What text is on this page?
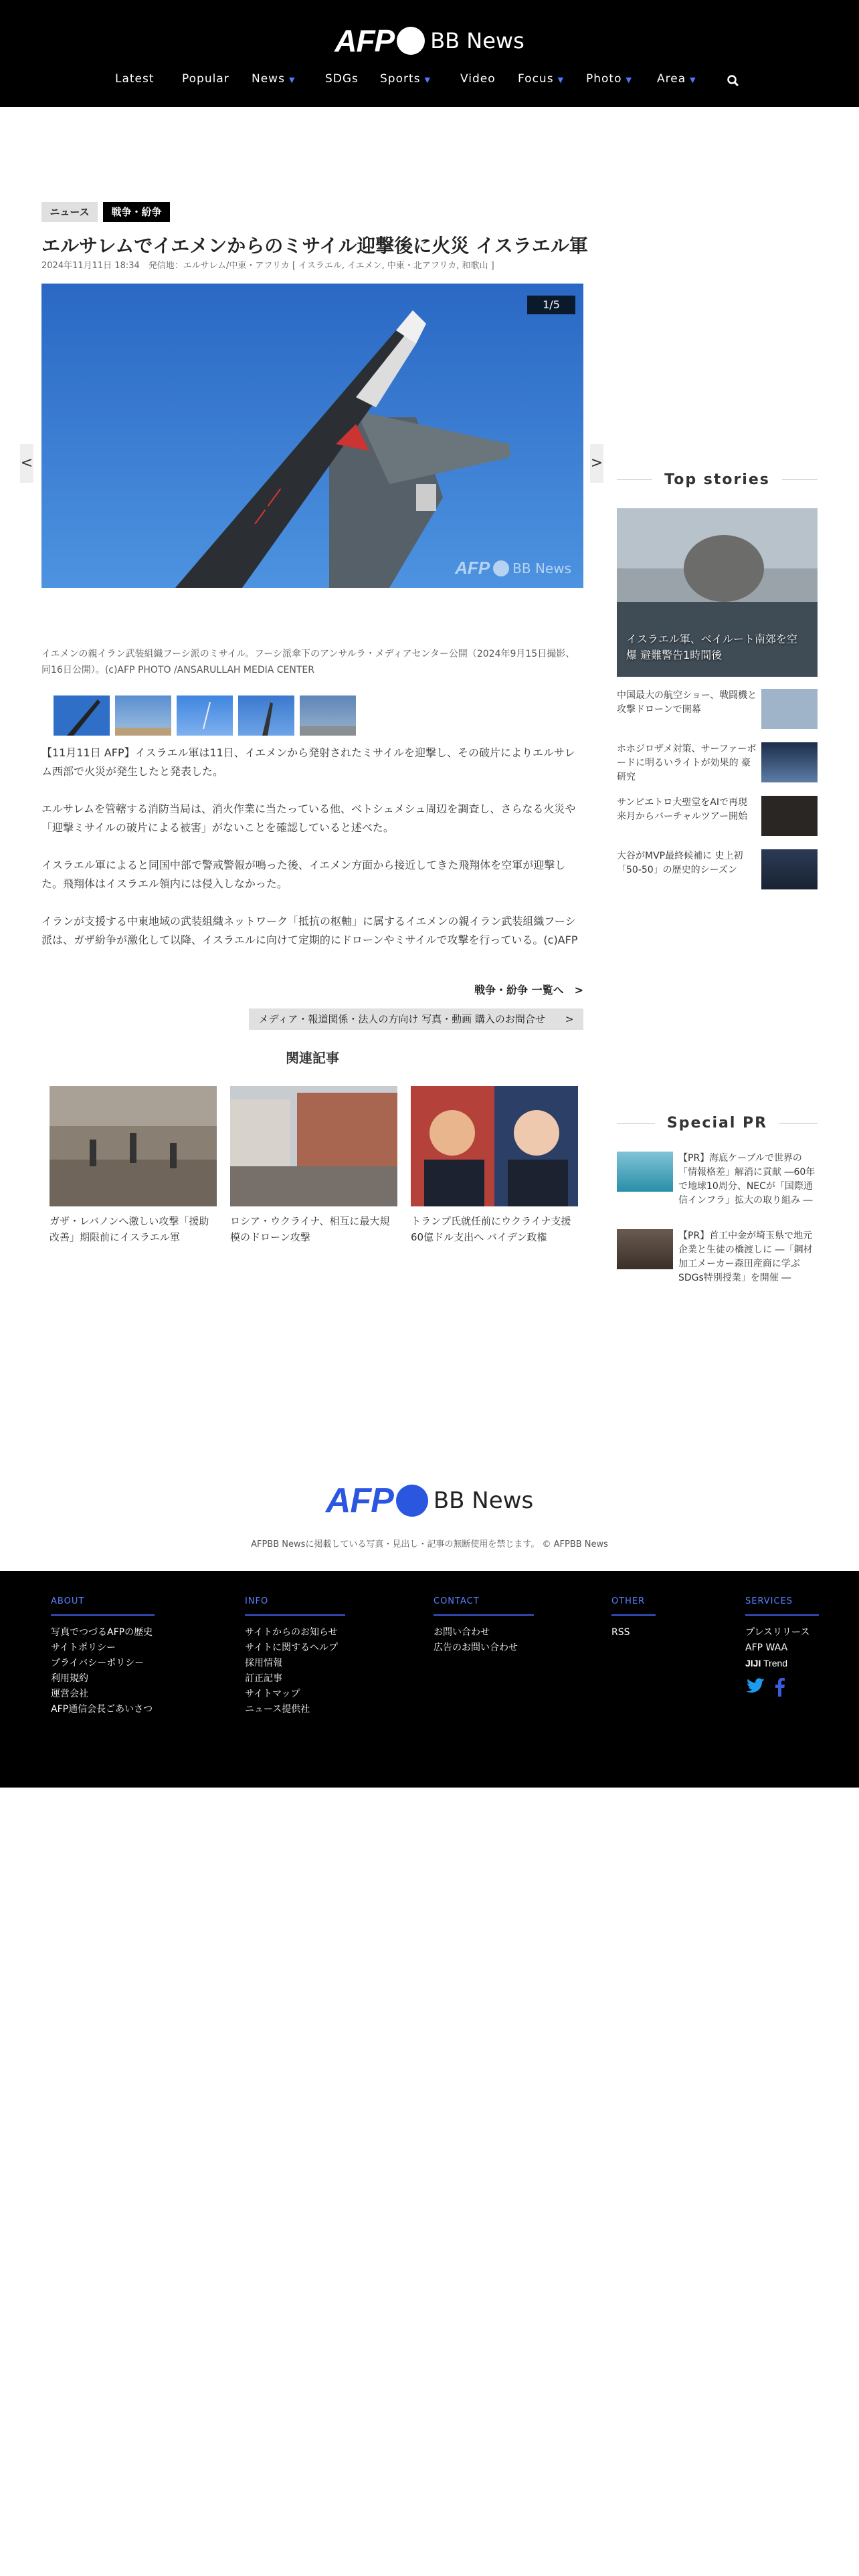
AFP BB News
Latest Popular News ▼	SDGs Sports ▼	Video Focus ▼ Photo ▼ Area ▼
ニュース	戦争・紛争
エルサレムでイエメンからのミサイル迎撃後に火災 イスラエル軍
2024年11月11日 18:34　発信地：エルサレム/中東・アフリカ [ イスラエル, イエメン, 中東・北アフリカ, 和歌山 ]
<
ـــــ ــــ
1/5
AFP BB News
>
イエメンの親イラン武装組織フーシ派のミサイル。フーシ派傘下のアンサルラ・メディアセンター公開（2024年9月15日撮影、同16日公開）。(c)AFP PHOTO /ANSARULLAH MEDIA CENTER

【11月11日 AFP】イスラエル軍は11日、イエメンから発射されたミサイルを迎撃し、その破片によりエルサレム西部で火災が発生したと発表した。

エルサレムを管轄する消防当局は、消火作業に当たっている他、ベトシェメシュ周辺を調査し、さらなる火災や「迎撃ミサイルの破片による被害」がないことを確認していると述べた。

イスラエル軍によると同国中部で警戒警報が鳴った後、イエメン方面から接近してきた飛翔体を空軍が迎撃した。飛翔体はイスラエル領内には侵入しなかった。

イランが支援する中東地域の武装組織ネットワーク「抵抗の枢軸」に属するイエメンの親イラン武装組織フーシ派は、ガザ紛争が激化して以降、イスラエルに向けて定期的にドローンやミサイルで攻撃を行っている。(c)AFP

戦争・紛争 一覧へ　>
メディア・報道関係・法人の方向け 写真・動画 購入のお問合せ　　>
関連記事
ガザ・レバノンへ激しい攻撃「援助改善」期限前にイスラエル軍
ロシア・ウクライナ、相互に最大規模のドローン攻撃
トランプ氏就任前にウクライナ支援60億ドル支出へ バイデン政権
Top stories
イスラエル軍、ベイルート南郊を空爆 避難警告1時間後
中国最大の航空ショー、戦闘機と攻撃ドローンで開幕
ホホジロザメ対策、サーファーボードに明るいライトが効果的 豪研究
サンピエトロ大聖堂をAIで再現 来月からバーチャルツアー開始
大谷がMVP最終候補に 史上初「50-50」の歴史的シーズン
Special PR
【PR】海底ケーブルで世界の「情報格差」解消に貢献 ―60年で地球10周分、NECが「国際通信インフラ」拡大の取り組み ―
【PR】首工中金が埼玉県で地元企業と生徒の橋渡しに ―「鋼材加工メーカー森田産商に学ぶSDGs特別授業」を開催 ―
AFP BB News
AFPBB Newsに掲載している写真・見出し・記事の無断使用を禁じます。 © AFPBB News
ABOUT
写真でつづるAFPの歴史
サイトポリシー
プライバシーポリシー
利用規約
運営会社
AFP通信会長ごあいさつ
INFO
サイトからのお知らせ
サイトに関するヘルプ
採用情報
訂正記事
サイトマップ
ニュース提供社
CONTACT
お問い合わせ
広告のお問い合わせ
OTHER
RSS
SERVICES
プレスリリース
AFP WAA
JIJI Trend
